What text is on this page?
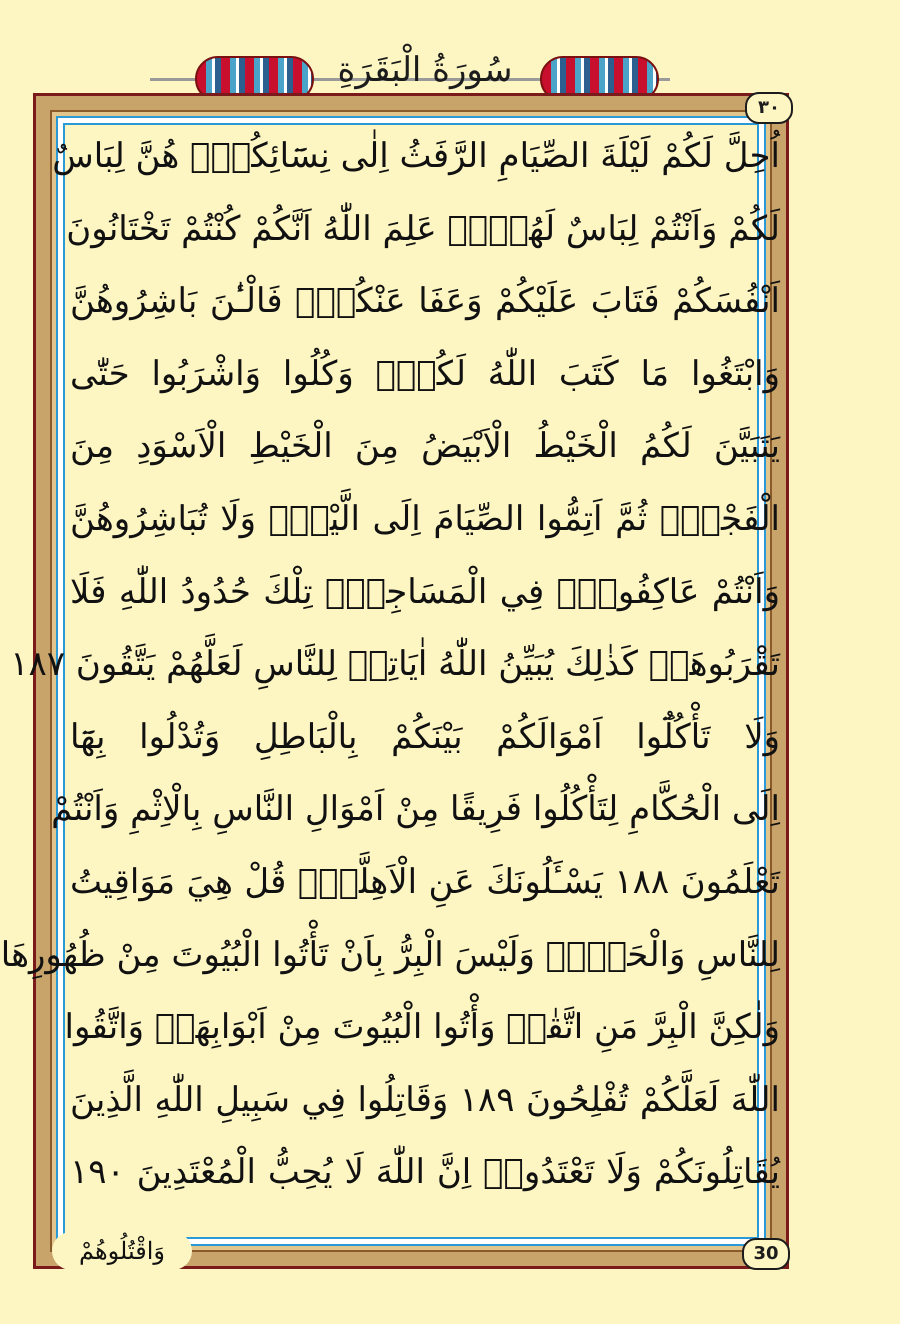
سُورَةُ الْبَقَرَةِ
٣٠
اُحِلَّ لَكُمْ لَيْلَةَ الصِّيَامِ الرَّفَثُ اِلٰى نِسَٓائِكُمْۜ هُنَّ لِبَاسٌ
لَكُمْ وَاَنْتُمْ لِبَاسٌ لَهُنَّۜ عَلِمَ اللّٰهُ اَنَّكُمْ كُنْتُمْ تَخْتَانُونَ
اَنْفُسَكُمْ فَتَابَ عَلَيْكُمْ وَعَفَا عَنْكُمْۚ فَالْـٰٔنَ بَاشِرُوهُنَّ
وَابْتَغُوا مَا كَتَبَ اللّٰهُ لَكُمْۖ وَكُلُوا وَاشْرَبُوا حَتّٰى
يَتَبَيَّنَ لَكُمُ الْخَيْطُ الْاَبْيَضُ مِنَ الْخَيْطِ الْاَسْوَدِ مِنَ
الْفَجْرِۖ ثُمَّ اَتِمُّوا الصِّيَامَ اِلَى الَّيْلِۚ وَلَا تُبَاشِرُوهُنَّ
وَاَنْتُمْ عَاكِفُونَۙ فِي الْمَسَاجِدِۜ تِلْكَ حُدُودُ اللّٰهِ فَلَا
تَقْرَبُوهَاۜ كَذٰلِكَ يُبَيِّنُ اللّٰهُ اٰيَاتِه۪ لِلنَّاسِ لَعَلَّهُمْ يَتَّقُونَ ١٨٧
وَلَا تَأْكُلُٓوا اَمْوَالَكُمْ بَيْنَكُمْ بِالْبَاطِلِ وَتُدْلُوا بِهَٓا
اِلَى الْحُكَّامِ لِتَأْكُلُوا فَرِيقًا مِنْ اَمْوَالِ النَّاسِ بِالْاِثْمِ وَاَنْتُمْ
تَعْلَمُونَ ١٨٨ يَسْـَٔلُونَكَ عَنِ الْاَهِلَّةِۜ قُلْ هِيَ مَوَاقِيتُ
لِلنَّاسِ وَالْحَجِّۜ وَلَيْسَ الْبِرُّ بِاَنْ تَأْتُوا الْبُيُوتَ مِنْ ظُهُورِهَا
وَلٰكِنَّ الْبِرَّ مَنِ اتَّقٰىۚ وَأْتُوا الْبُيُوتَ مِنْ اَبْوَابِهَاۖ وَاتَّقُوا
اللّٰهَ لَعَلَّكُمْ تُفْلِحُونَ ١٨٩ وَقَاتِلُوا فِي سَبِيلِ اللّٰهِ الَّذِينَ
يُقَاتِلُونَكُمْ وَلَا تَعْتَدُواۜ اِنَّ اللّٰهَ لَا يُحِبُّ الْمُعْتَدِينَ ١٩٠
وَاقْتُلُوهُمْ	30
